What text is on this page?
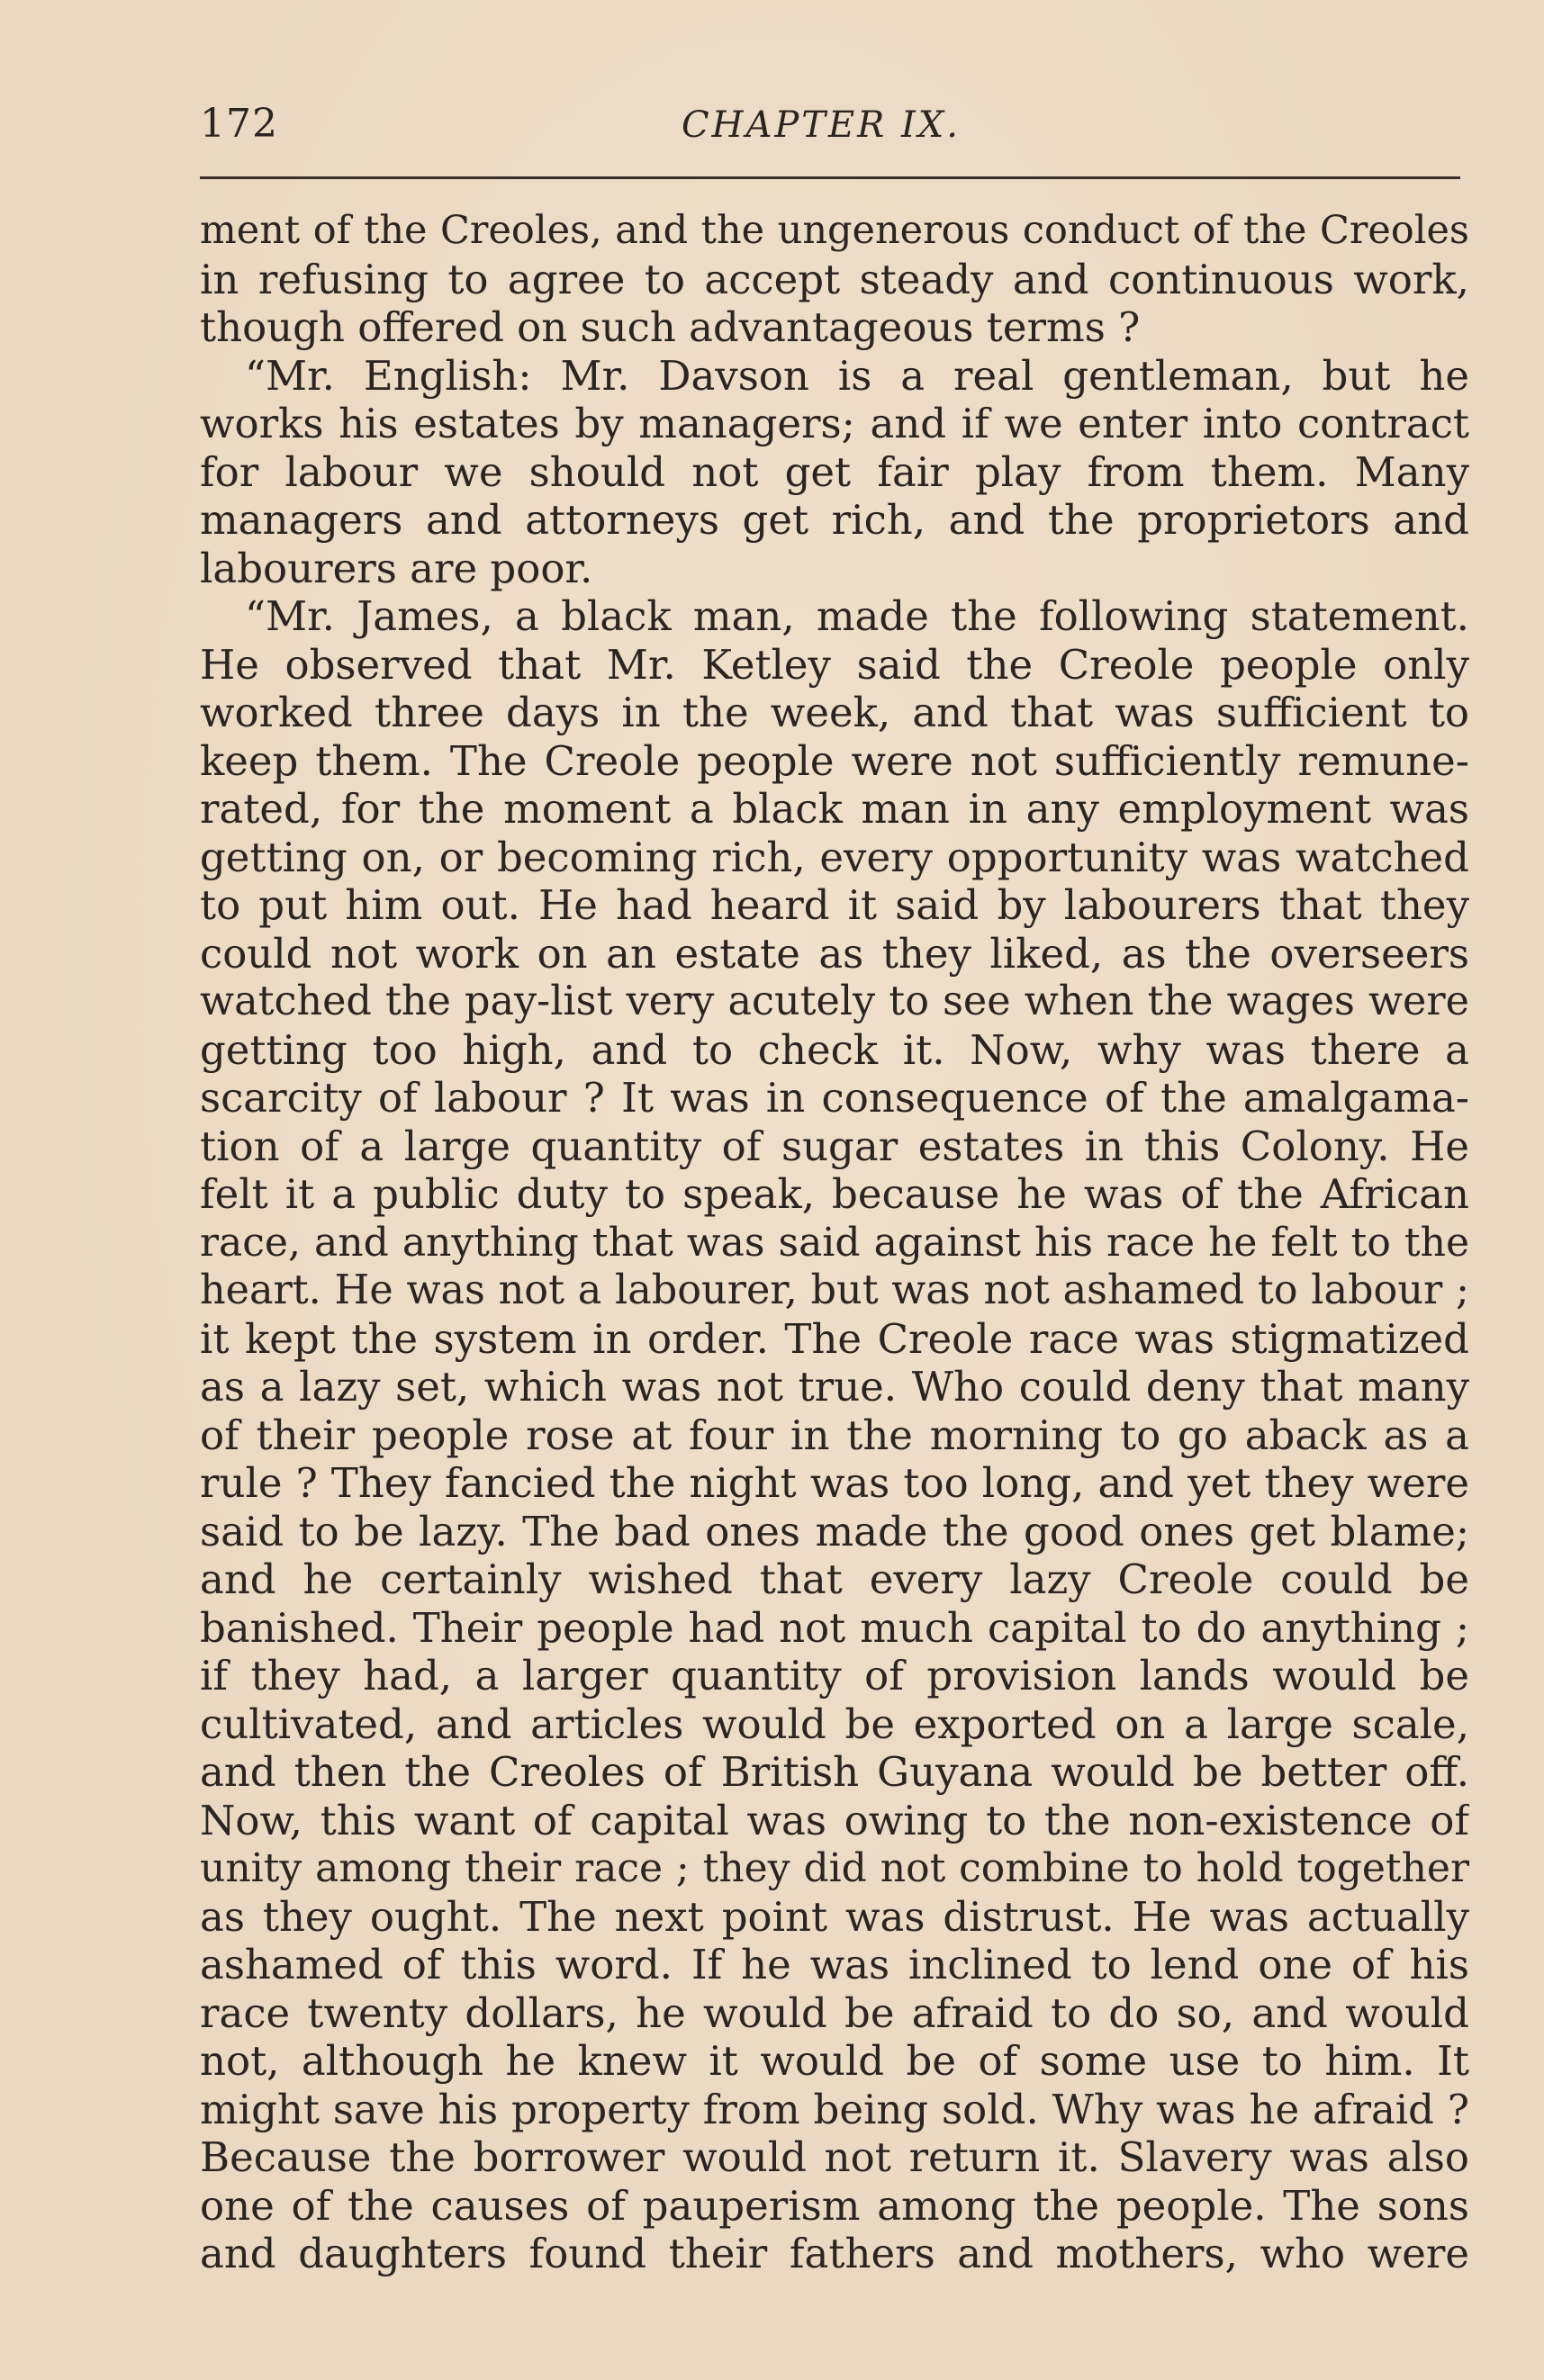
172	CHAPTER IX.
ment of the Creoles, and the ungenerous conduct of the Creoles
in refusing to agree to accept steady and continuous work,
though offered on such advantageous terms ?
“Mr. English: Mr. Davson is a real gentleman, but he
works his estates by managers; and if we enter into contract
for labour we should not get fair play from them. Many
managers and attorneys get rich, and the proprietors and
labourers are poor.
“Mr. James, a black man, made the following statement.
He observed that Mr. Ketley said the Creole people only
worked three days in the week, and that was sufficient to
keep them. The Creole people were not sufficiently remune-
rated, for the moment a black man in any employment was
getting on, or becoming rich, every opportunity was watched
to put him out. He had heard it said by labourers that they
could not work on an estate as they liked, as the overseers
watched the pay-list very acutely to see when the wages were
getting too high, and to check it. Now, why was there a
scarcity of labour ? It was in consequence of the amalgama-
tion of a large quantity of sugar estates in this Colony. He
felt it a public duty to speak, because he was of the African
race, and anything that was said against his race he felt to the
heart. He was not a labourer, but was not ashamed to labour ;
it kept the system in order. The Creole race was stigmatized
as a lazy set, which was not true. Who could deny that many
of their people rose at four in the morning to go aback as a
rule ? They fancied the night was too long, and yet they were
said to be lazy. The bad ones made the good ones get blame;
and he certainly wished that every lazy Creole could be
banished. Their people had not much capital to do anything ;
if they had, a larger quantity of provision lands would be
cultivated, and articles would be exported on a large scale,
and then the Creoles of British Guyana would be better off.
Now, this want of capital was owing to the non-existence of
unity among their race ; they did not combine to hold together
as they ought. The next point was distrust. He was actually
ashamed of this word. If he was inclined to lend one of his
race twenty dollars, he would be afraid to do so, and would
not, although he knew it would be of some use to him. It
might save his property from being sold. Why was he afraid ?
Because the borrower would not return it. Slavery was also
one of the causes of pauperism among the people. The sons
and daughters found their fathers and mothers, who were
